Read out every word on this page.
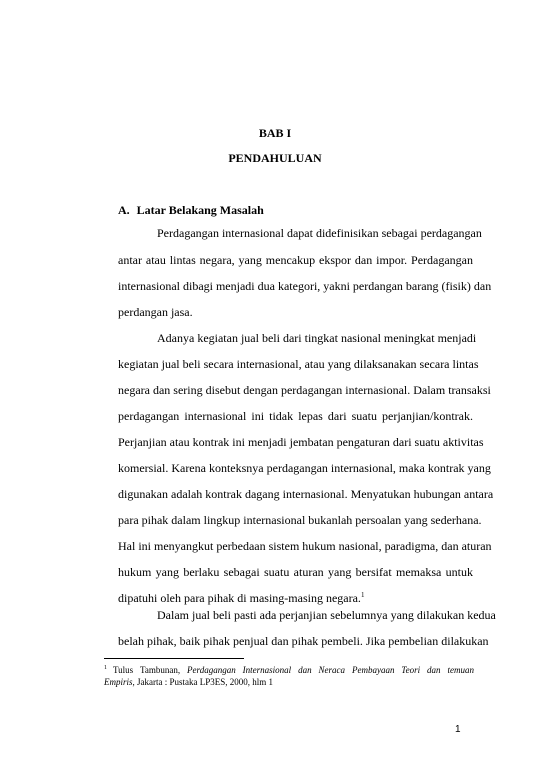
BAB I
PENDAHULUAN
A. Latar Belakang Masalah
Perdagangan internasional dapat didefinisikan sebagai perdagangan
antar atau lintas negara, yang mencakup ekspor dan impor. Perdagangan
internasional dibagi menjadi dua kategori, yakni perdangan barang (fisik) dan
perdangan jasa.
Adanya kegiatan jual beli dari tingkat nasional meningkat menjadi
kegiatan jual beli secara internasional, atau yang dilaksanakan secara lintas
negara dan sering disebut dengan perdagangan internasional. Dalam transaksi
perdagangan internasional ini tidak lepas dari suatu perjanjian/kontrak.
Perjanjian atau kontrak ini menjadi jembatan pengaturan dari suatu aktivitas
komersial. Karena konteksnya perdagangan internasional, maka kontrak yang
digunakan adalah kontrak dagang internasional. Menyatukan hubungan antara
para pihak dalam lingkup internasional bukanlah persoalan yang sederhana.
Hal ini menyangkut perbedaan sistem hukum nasional, paradigma, dan aturan
hukum yang berlaku sebagai suatu aturan yang bersifat memaksa untuk
dipatuhi oleh para pihak di masing-masing negara.$^1$
Dalam jual beli pasti ada perjanjian sebelumnya yang dilakukan kedua
belah pihak, baik pihak penjual dan pihak pembeli. Jika pembelian dilakukan
$^1$ Tulus Tambunan, Perdagangan Internasional dan Neraca Pembayaan Teori dan temuan
Empiris, Jakarta : Pustaka LP3ES, 2000, hlm 1
1
